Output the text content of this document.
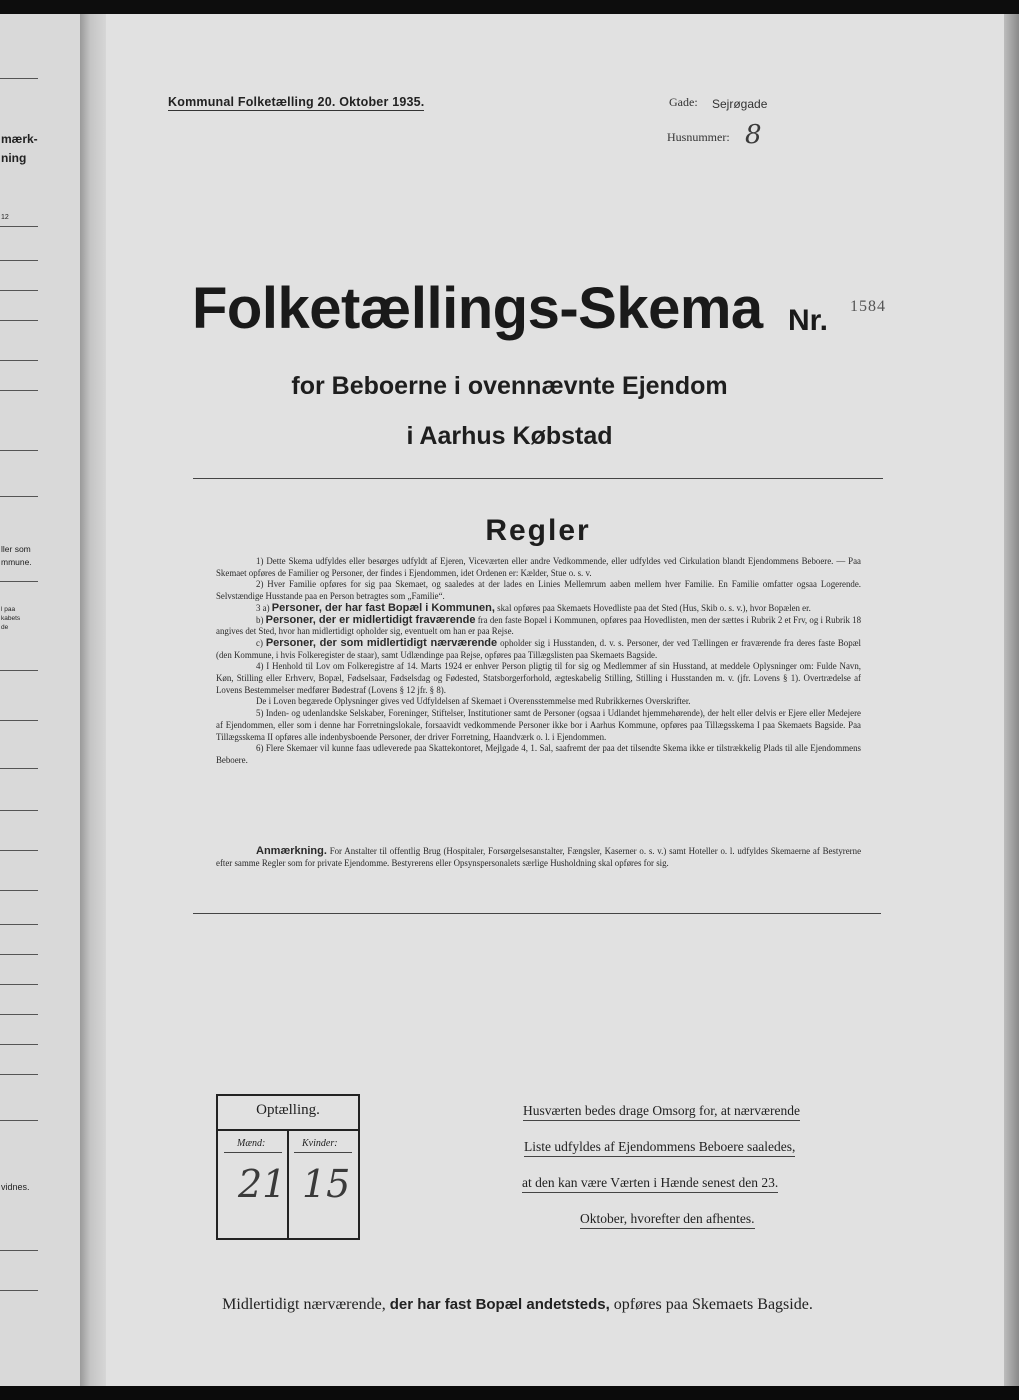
mærk-
ning
12
ller som
mmune.
l paa
kabets
de
vidnes.
Kommunal Folketælling 20. Oktober 1935.	Gade: Sejrøgade
Husnummer: 8
Folketællings-Skema Nr. 1584
for Beboerne i ovennævnte Ejendom
i Aarhus Købstad
Regler

1) Dette Skema udfyldes eller besørges udfyldt af Ejeren, Viceværten eller andre Vedkommende, eller udfyldes ved Cirkulation blandt Ejendommens Beboere. — Paa Skemaet opføres de Familier og Personer, der findes i Ejendommen, idet Ordenen er: Kælder, Stue o. s. v.

2) Hver Familie opføres for sig paa Skemaet, og saaledes at der lades en Linies Mellemrum aaben mellem hver Familie. En Familie omfatter ogsaa Logerende. Selvstændige Husstande paa en Person betragtes som „Familie“.

3 a) Personer, der har fast Bopæl i Kommunen, skal opføres paa Skemaets Hovedliste paa det Sted (Hus, Skib o. s. v.), hvor Bopælen er.

b) Personer, der er midlertidigt fraværende fra den faste Bopæl i Kommunen, opføres paa Hovedlisten, men der sættes i Rubrik 2 et Frv, og i Rubrik 18 angives det Sted, hvor han midlertidigt opholder sig, eventuelt om han er paa Rejse.

c) Personer, der som midlertidigt nærværende opholder sig i Husstanden, d. v. s. Personer, der ved Tællingen er fraværende fra deres faste Bopæl (den Kommune, i hvis Folkeregister de staar), samt Udlændinge paa Rejse, opføres paa Tillægslisten paa Skemaets Bagside.

4) I Henhold til Lov om Folkeregistre af 14. Marts 1924 er enhver Person pligtig til for sig og Medlemmer af sin Husstand, at meddele Oplysninger om: Fulde Navn, Køn, Stilling eller Erhverv, Bopæl, Fødselsaar, Fødselsdag og Fødested, Statsborgerforhold, ægteskabelig Stilling, Stilling i Husstanden m. v. (jfr. Lovens § 1). Overtrædelse af Lovens Bestemmelser medfører Bødestraf (Lovens § 12 jfr. § 8).

De i Loven begærede Oplysninger gives ved Udfyldelsen af Skemaet i Overensstemmelse med Rubrikkernes Overskrifter.

5) Inden- og udenlandske Selskaber, Foreninger, Stiftelser, Institutioner samt de Personer (ogsaa i Udlandet hjemmehørende), der helt eller delvis er Ejere eller Medejere af Ejendommen, eller som i denne har Forretningslokale, forsaavidt vedkommende Personer ikke bor i Aarhus Kommune, opføres paa Tillægsskema I paa Skemaets Bagside. Paa Tillægsskema II opføres alle indenbysboende Personer, der driver Forretning, Haandværk o. l. i Ejendommen.

6) Flere Skemaer vil kunne faas udleverede paa Skattekontoret, Mejlgade 4, 1. Sal, saafremt der paa det tilsendte Skema ikke er tilstrækkelig Plads til alle Ejendommens Beboere.

Anmærkning. For Anstalter til offentlig Brug (Hospitaler, Forsørgelsesanstalter, Fængsler, Kaserner o. s. v.) samt Hoteller o. l. udfyldes Skemaerne af Bestyrerne efter samme Regler som for private Ejendomme. Bestyrerens eller Opsynspersonalets særlige Husholdning skal opføres for sig.

Optælling.
Mænd:	Kvinder:
21 15
Husværten bedes drage Omsorg for, at nærværende
Liste udfyldes af Ejendommens Beboere saaledes,
at den kan være Værten i Hænde senest den 23.
Oktober, hvorefter den afhentes.
Midlertidigt nærværende, der har fast Bopæl andetsteds, opføres paa Skemaets Bagside.
